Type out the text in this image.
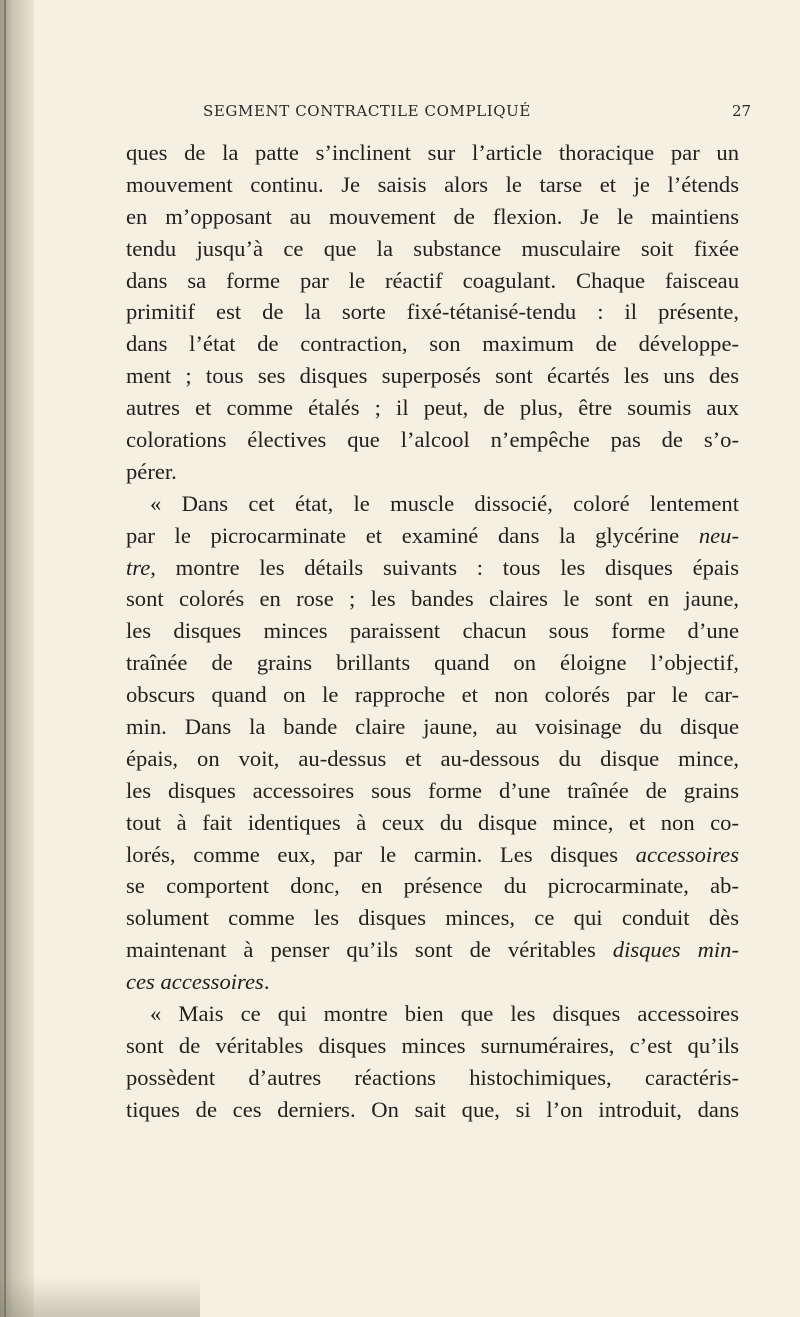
SEGMENT CONTRACTILE COMPLIQUÉ	27
ques de la patte s’inclinent sur l’article thoracique par un
mouvement continu. Je saisis alors le tarse et je l’étends
en m’opposant au mouvement de flexion. Je le maintiens
tendu jusqu’à ce que la substance musculaire soit fixée
dans sa forme par le réactif coagulant. Chaque faisceau
primitif est de la sorte fixé-tétanisé-tendu : il présente,
dans l’état de contraction, son maximum de développe-
ment ; tous ses disques superposés sont écartés les uns des
autres et comme étalés ; il peut, de plus, être soumis aux
colorations électives que l’alcool n’empêche pas de s’o-
pérer.
« Dans cet état, le muscle dissocié, coloré lentement
par le picrocarminate et examiné dans la glycérine neu-
tre, montre les détails suivants : tous les disques épais
sont colorés en rose ; les bandes claires le sont en jaune,
les disques minces paraissent chacun sous forme d’une
traînée de grains brillants quand on éloigne l’objectif,
obscurs quand on le rapproche et non colorés par le car-
min. Dans la bande claire jaune, au voisinage du disque
épais, on voit, au-dessus et au-dessous du disque mince,
les disques accessoires sous forme d’une traînée de grains
tout à fait identiques à ceux du disque mince, et non co-
lorés, comme eux, par le carmin. Les disques accessoires
se comportent donc, en présence du picrocarminate, ab-
solument comme les disques minces, ce qui conduit dès
maintenant à penser qu’ils sont de véritables disques min-
ces accessoires.
« Mais ce qui montre bien que les disques accessoires
sont de véritables disques minces surnuméraires, c’est qu’ils
possèdent d’autres réactions histochimiques, caractéris-
tiques de ces derniers. On sait que, si l’on introduit, dans
